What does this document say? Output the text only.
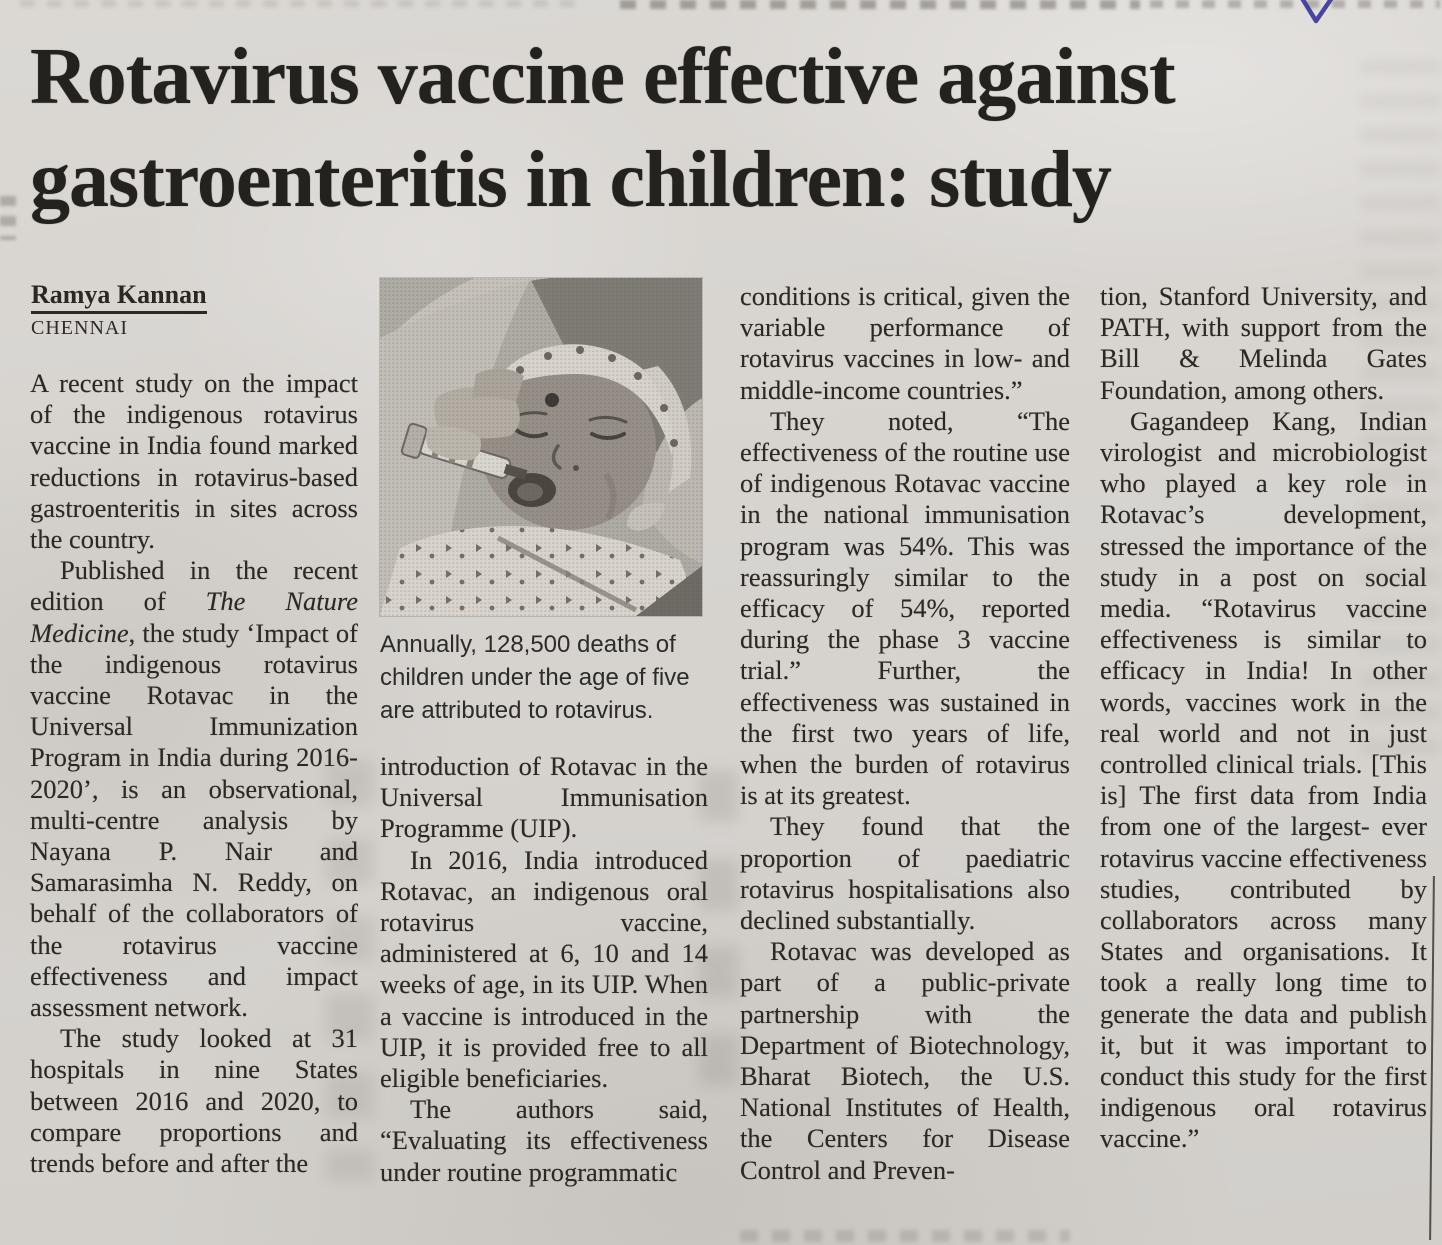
Rotavirus vaccine effective against
gastroenteritis in children: study
Ramya Kannan
CHENNAI
Annually, 128,500 deaths of children under the age of five are attributed to rotavirus.

A recent study on the impact of the indigenous rotavirus vaccine in India found marked reductions in rotavirus-based gastroenteritis in sites across the country.

Published in the recent edition of The Nature Medicine, the study ‘Impact of the indigenous rotavirus vaccine Rotavac in the Universal Immunization Program in India during 2016-2020’, is an observational, multi-centre analysis by Nayana P. Nair and Samarasimha N. Reddy, on behalf of the collaborators of the rotavirus vaccine effectiveness and impact assessment network.

The study looked at 31 hospitals in nine States between 2016 and 2020, to compare proportions and trends before and after the

introduction of Rotavac in the Universal Immunisation Programme (UIP).

In 2016, India introduced Rotavac, an indigenous oral rotavirus vaccine, administered at 6, 10 and 14 weeks of age, in its UIP. When a vaccine is introduced in the UIP, it is provided free to all eligible beneficiaries.

The authors said, “Evaluating its effectiveness under routine programmatic

conditions is critical, given the variable performance of rotavirus vaccines in low- and middle-income countries.”

They noted, “The effectiveness of the routine use of indigenous Rotavac vaccine in the national immunisation program was 54%. This was reassuringly similar to the efficacy of 54%, reported during the phase 3 vaccine trial.” Further, the effectiveness was sustained in the first two years of life, when the burden of rotavirus is at its greatest.

They found that the proportion of paediatric rotavirus hospitalisations also declined substantially.

Rotavac was developed as part of a public-private partnership with the Department of Biotechnology, Bharat Biotech, the U.S. National Institutes of Health, the Centers for Disease Control and Preven-

tion, Stanford University, and PATH, with support from the Bill & Melinda Gates Foundation, among others.

Gagandeep Kang, Indian virologist and microbiologist who played a key role in Rotavac’s development, stressed the importance of the study in a post on social media. “Rotavirus vaccine effectiveness is similar to efficacy in India! In other words, vaccines work in the real world and not in just controlled clinical trials. [This is] The first data from India from one of the largest- ever rotavirus vaccine effectiveness studies, contributed by collaborators across many States and organisations. It took a really long time to generate the data and publish it, but it was important to conduct this study for the first indigenous oral rotavirus vaccine.”
